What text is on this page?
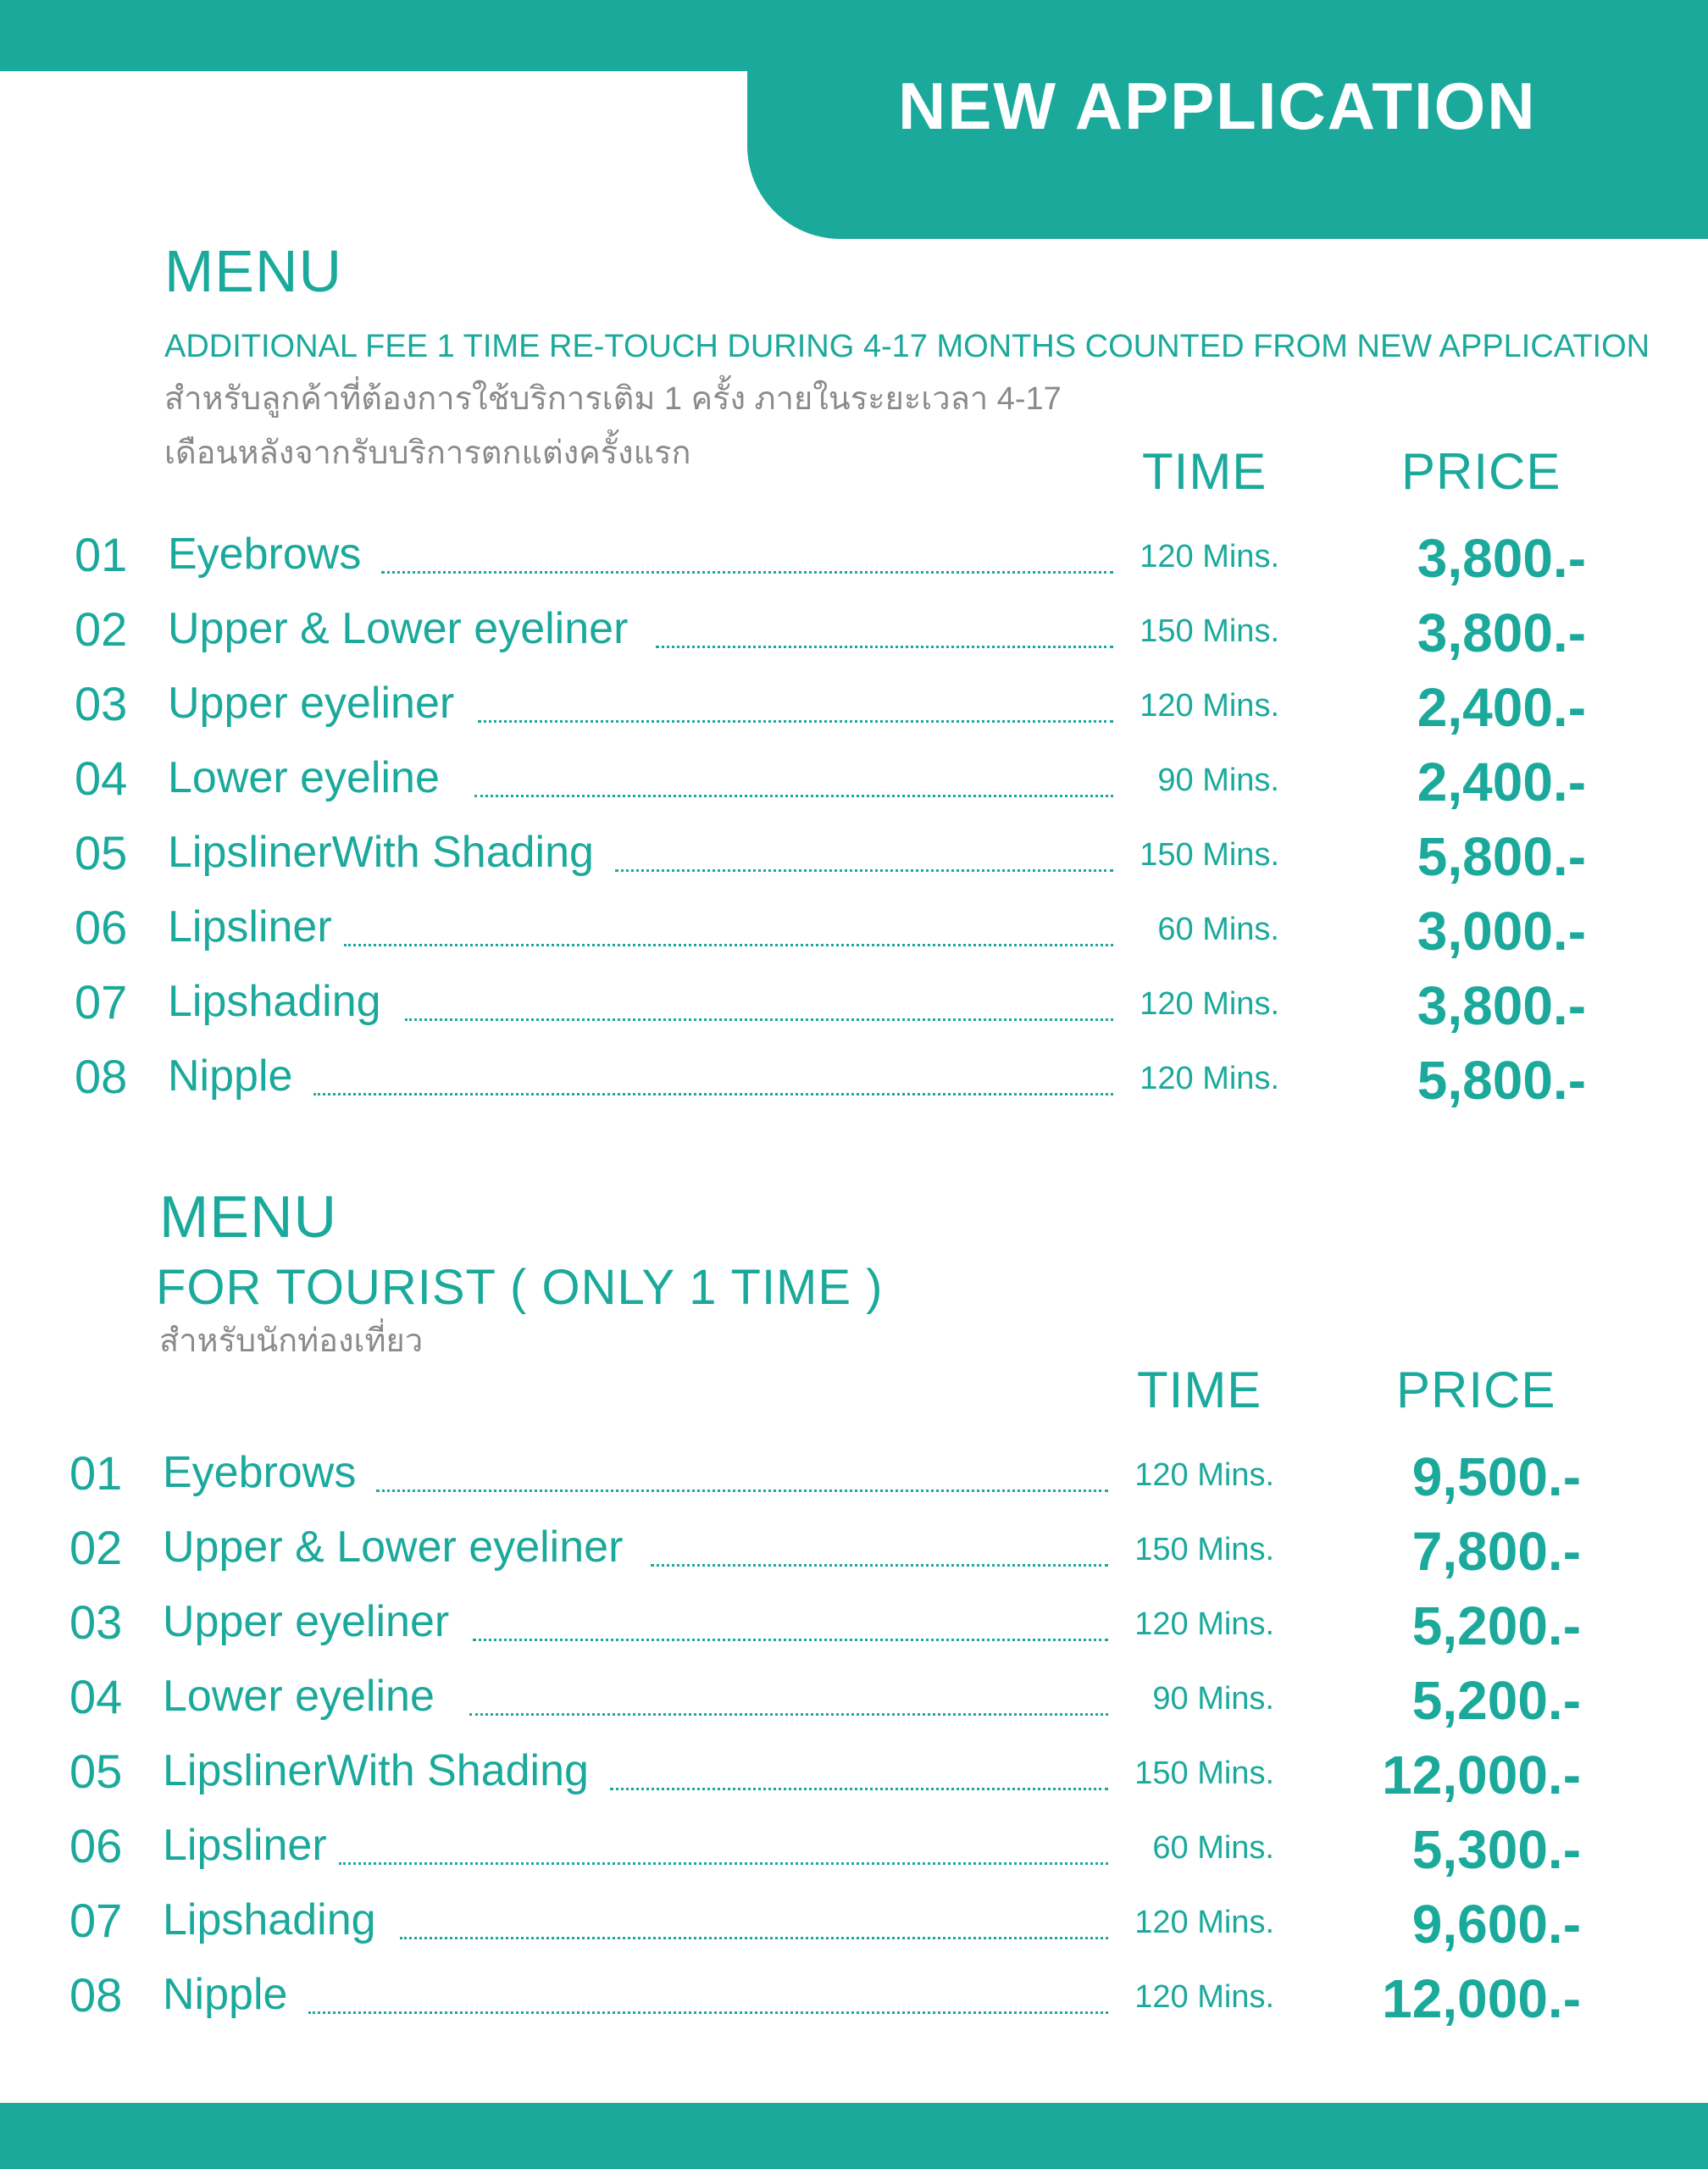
NEW APPLICATION
MENU
ADDITIONAL FEE 1 TIME RE-TOUCH DURING 4-17 MONTHS COUNTED FROM NEW APPLICATION
สำหรับลูกค้าที่ต้องการใช้บริการเติม 1 ครั้ง ภายในระยะเวลา 4-17
เดือนหลังจากรับบริการตกแต่งครั้งแรก	TIME	PRICE
01 Eyebrows	120 Mins.	3,800.-
02 Upper & Lower eyeliner	150 Mins.	3,800.-
03 Upper eyeliner	120 Mins.	2,400.-
04 Lower eyeline	90 Mins.	2,400.-
05 LipslinerWith Shading	150 Mins.	5,800.-
06 Lipsliner	60 Mins.	3,000.-
07 Lipshading	120 Mins.	3,800.-
08 Nipple	120 Mins.	5,800.-
MENU
FOR TOURIST ( ONLY 1 TIME )
สำหรับนักท่องเที่ยว
TIME	PRICE
01 Eyebrows	120 Mins.	9,500.-
02 Upper & Lower eyeliner	150 Mins.	7,800.-
03 Upper eyeliner	120 Mins.	5,200.-
04 Lower eyeline	90 Mins.	5,200.-
05 LipslinerWith Shading	150 Mins.	12,000.-
06 Lipsliner	60 Mins.	5,300.-
07 Lipshading	120 Mins.	9,600.-
08 Nipple	120 Mins.	12,000.-
